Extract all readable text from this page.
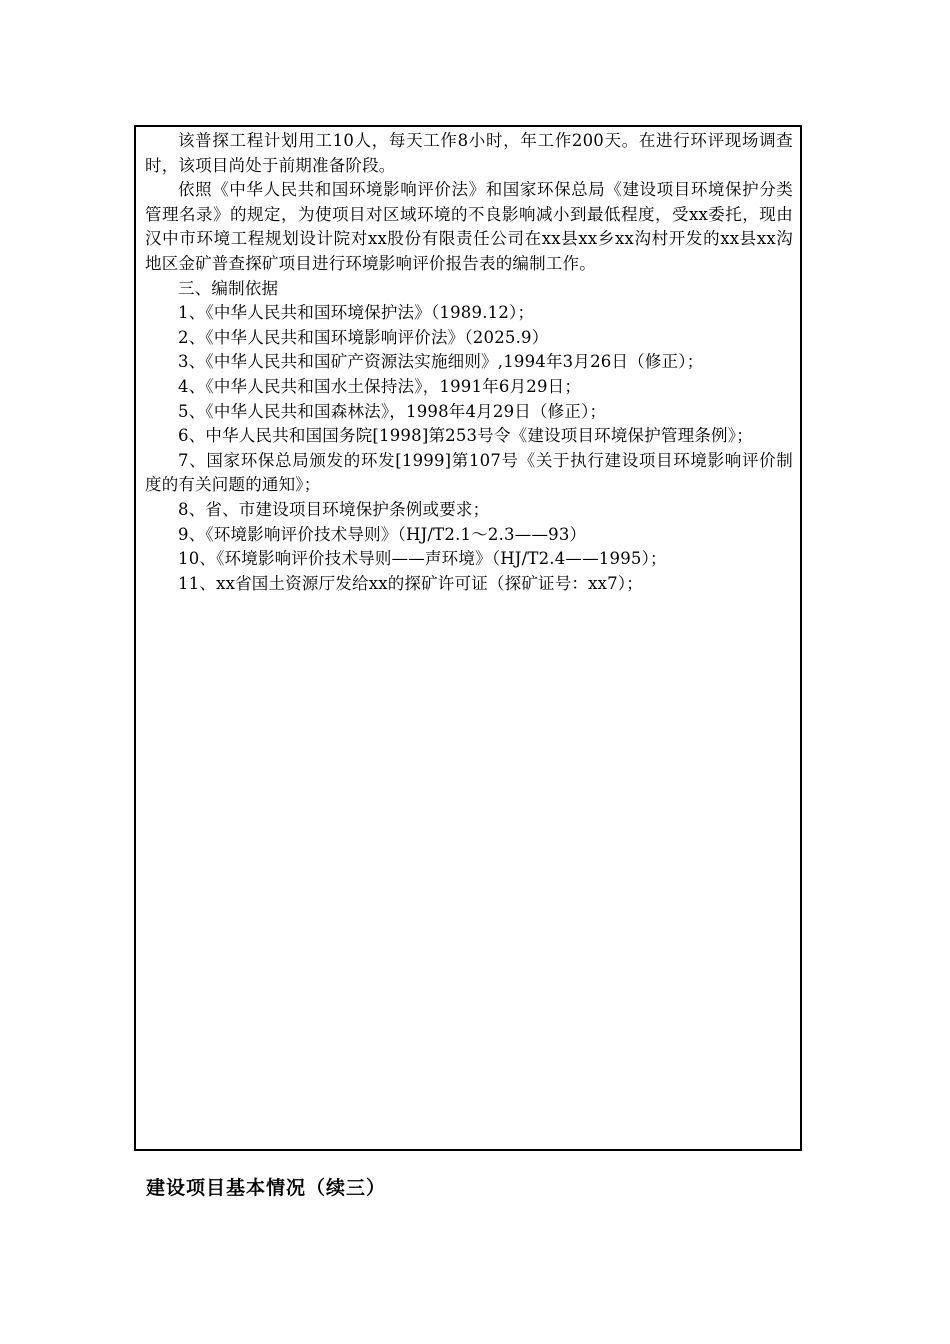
该普探工程计划用工10人，每天工作8小时，年工作200天。在进行环评现场调查时，该项目尚处于前期准备阶段。

依照《中华人民共和国环境影响评价法》和国家环保总局《建设项目环境保护分类管理名录》的规定，为使项目对区域环境的不良影响减小到最低程度，受xx委托，现由汉中市环境工程规划设计院对xx股份有限责任公司在xx县xx乡xx沟村开发的xx县xx沟地区金矿普查探矿项目进行环境影响评价报告表的编制工作。

三、编制依据

1、《中华人民共和国环境保护法》（1989.12）；

2、《中华人民共和国环境影响评价法》（2025.9）

3、《中华人民共和国矿产资源法实施细则》,1994年3月26日（修正）；

4、《中华人民共和国水土保持法》，1991年6月29日；

5、《中华人民共和国森林法》，1998年4月29日（修正）；

6、中华人民共和国国务院[1998]第253号令《建设项目环境保护管理条例》；

7、国家环保总局颁发的环发[1999]第107号《关于执行建设项目环境影响评价制度的有关问题的通知》；

8、省、市建设项目环境保护条例或要求；

9、《环境影响评价技术导则》（HJ/T2.1～2.3——93）

10、《环境影响评价技术导则——声环境》（HJ/T2.4——1995）；

11、xx省国土资源厅发给xx的探矿许可证（探矿证号：xx7）；

建设项目基本情况（续三）
